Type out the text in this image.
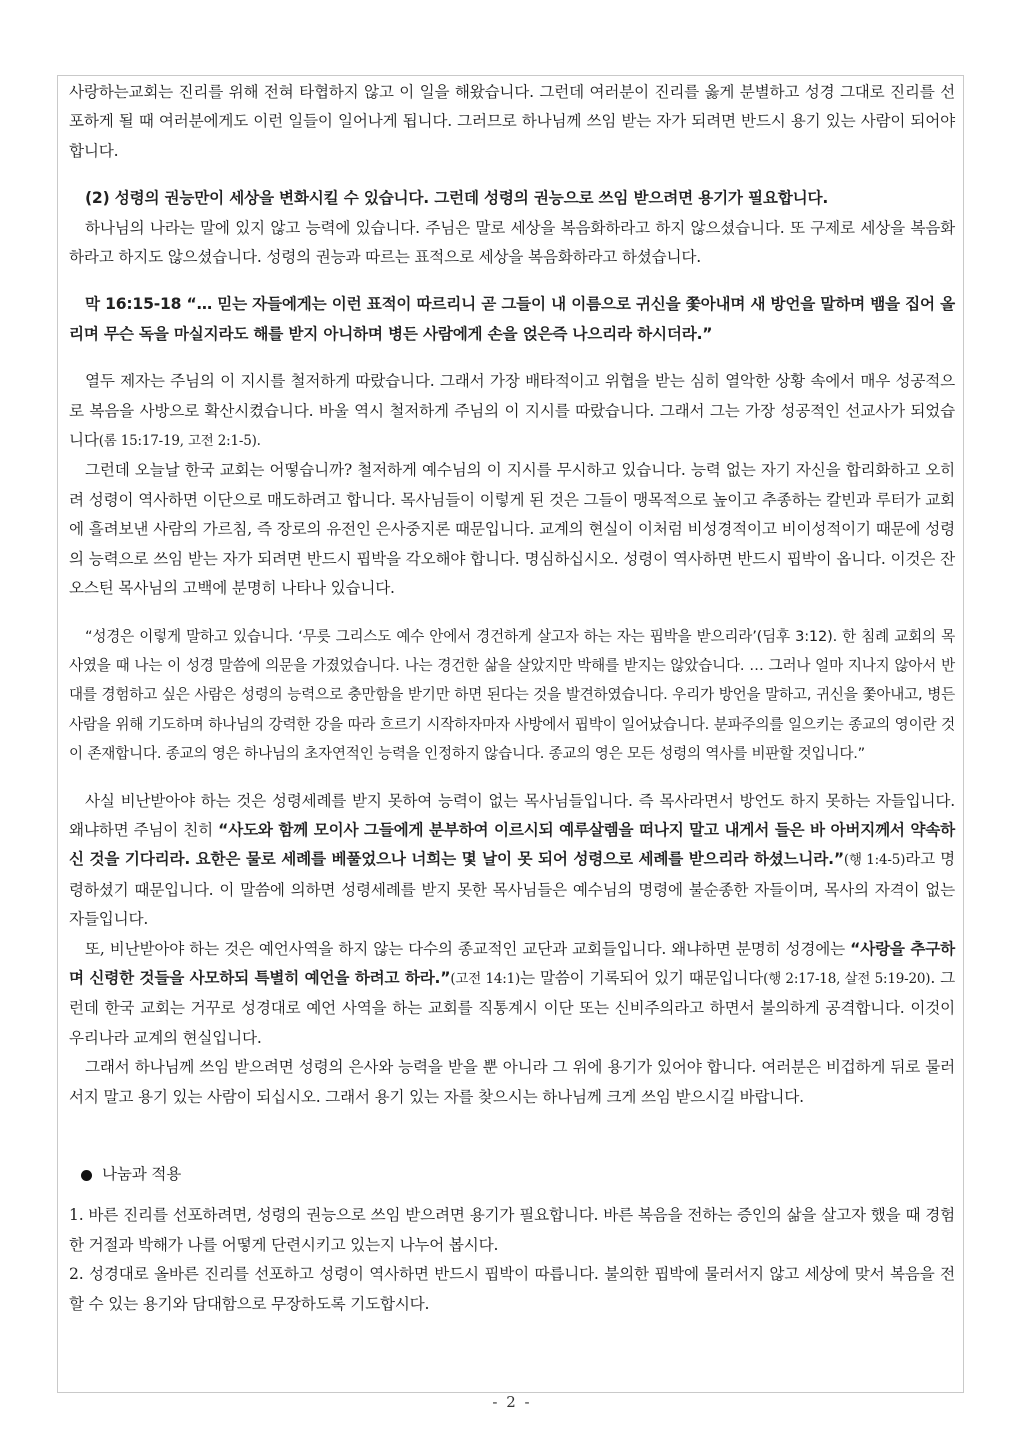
사랑하는교회는 진리를 위해 전혀 타협하지 않고 이 일을 해왔습니다. 그런데 여러분이 진리를 옳게 분별하고 성경 그대로 진리를 선포하게 될 때 여러분에게도 이런 일들이 일어나게 됩니다. 그러므로 하나님께 쓰임 받는 자가 되려면 반드시 용기 있는 사람이 되어야 합니다.

(2) 성령의 권능만이 세상을 변화시킬 수 있습니다. 그런데 성령의 권능으로 쓰임 받으려면 용기가 필요합니다.

하나님의 나라는 말에 있지 않고 능력에 있습니다. 주님은 말로 세상을 복음화하라고 하지 않으셨습니다. 또 구제로 세상을 복음화하라고 하지도 않으셨습니다. 성령의 권능과 따르는 표적으로 세상을 복음화하라고 하셨습니다.

막 16:15-18 “… 믿는 자들에게는 이런 표적이 따르리니 곧 그들이 내 이름으로 귀신을 쫓아내며 새 방언을 말하며 뱀을 집어 올리며 무슨 독을 마실지라도 해를 받지 아니하며 병든 사람에게 손을 얹은즉 나으리라 하시더라.”

열두 제자는 주님의 이 지시를 철저하게 따랐습니다. 그래서 가장 배타적이고 위협을 받는 심히 열악한 상황 속에서 매우 성공적으로 복음을 사방으로 확산시켰습니다. 바울 역시 철저하게 주님의 이 지시를 따랐습니다. 그래서 그는 가장 성공적인 선교사가 되었습니다(롬 15:17-19, 고전 2:1-5).

그런데 오늘날 한국 교회는 어떻습니까? 철저하게 예수님의 이 지시를 무시하고 있습니다. 능력 없는 자기 자신을 합리화하고 오히려 성령이 역사하면 이단으로 매도하려고 합니다. 목사님들이 이렇게 된 것은 그들이 맹목적으로 높이고 추종하는 칼빈과 루터가 교회에 흘려보낸 사람의 가르침, 즉 장로의 유전인 은사중지론 때문입니다. 교계의 현실이 이처럼 비성경적이고 비이성적이기 때문에 성령의 능력으로 쓰임 받는 자가 되려면 반드시 핍박을 각오해야 합니다. 명심하십시오. 성령이 역사하면 반드시 핍박이 옵니다. 이것은 잔 오스틴 목사님의 고백에 분명히 나타나 있습니다.

“성경은 이렇게 말하고 있습니다. ‘무릇 그리스도 예수 안에서 경건하게 살고자 하는 자는 핍박을 받으리라’(딤후 3:12). 한 침례 교회의 목사였을 때 나는 이 성경 말씀에 의문을 가졌었습니다. 나는 경건한 삶을 살았지만 박해를 받지는 않았습니다. … 그러나 얼마 지나지 않아서 반대를 경험하고 싶은 사람은 성령의 능력으로 충만함을 받기만 하면 된다는 것을 발견하였습니다. 우리가 방언을 말하고, 귀신을 쫓아내고, 병든 사람을 위해 기도하며 하나님의 강력한 강을 따라 흐르기 시작하자마자 사방에서 핍박이 일어났습니다. 분파주의를 일으키는 종교의 영이란 것이 존재합니다. 종교의 영은 하나님의 초자연적인 능력을 인정하지 않습니다. 종교의 영은 모든 성령의 역사를 비판할 것입니다.”

사실 비난받아야 하는 것은 성령세례를 받지 못하여 능력이 없는 목사님들입니다. 즉 목사라면서 방언도 하지 못하는 자들입니다. 왜냐하면 주님이 친히 “사도와 함께 모이사 그들에게 분부하여 이르시되 예루살렘을 떠나지 말고 내게서 들은 바 아버지께서 약속하신 것을 기다리라. 요한은 물로 세례를 베풀었으나 너희는 몇 날이 못 되어 성령으로 세례를 받으리라 하셨느니라.”(행 1:4-5)라고 명령하셨기 때문입니다. 이 말씀에 의하면 성령세례를 받지 못한 목사님들은 예수님의 명령에 불순종한 자들이며, 목사의 자격이 없는 자들입니다.

또, 비난받아야 하는 것은 예언사역을 하지 않는 다수의 종교적인 교단과 교회들입니다. 왜냐하면 분명히 성경에는 “사랑을 추구하며 신령한 것들을 사모하되 특별히 예언을 하려고 하라.”(고전 14:1)는 말씀이 기록되어 있기 때문입니다(행 2:17-18, 살전 5:19-20). 그런데 한국 교회는 거꾸로 성경대로 예언 사역을 하는 교회를 직통계시 이단 또는 신비주의라고 하면서 불의하게 공격합니다. 이것이 우리나라 교계의 현실입니다.

그래서 하나님께 쓰임 받으려면 성령의 은사와 능력을 받을 뿐 아니라 그 위에 용기가 있어야 합니다. 여러분은 비겁하게 뒤로 물러서지 말고 용기 있는 사람이 되십시오. 그래서 용기 있는 자를 찾으시는 하나님께 크게 쓰임 받으시길 바랍니다.

나눔과 적용

1. 바른 진리를 선포하려면, 성령의 권능으로 쓰임 받으려면 용기가 필요합니다. 바른 복음을 전하는 증인의 삶을 살고자 했을 때 경험한 거절과 박해가 나를 어떻게 단련시키고 있는지 나누어 봅시다.

2. 성경대로 올바른 진리를 선포하고 성령이 역사하면 반드시 핍박이 따릅니다. 불의한 핍박에 물러서지 않고 세상에 맞서 복음을 전할 수 있는 용기와 담대함으로 무장하도록 기도합시다.

- 2 -
